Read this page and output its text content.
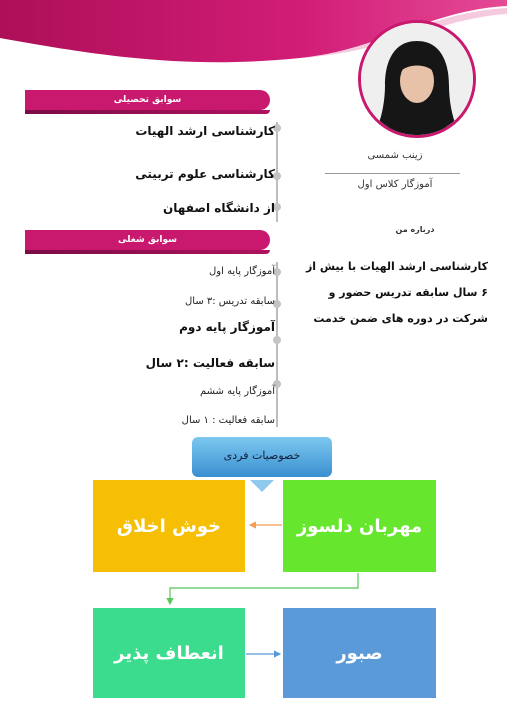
زینب شمسی
آموزگار کلاس اول
سوابق تحصیلی
کارشناسی ارشد الهیات
کارشناسی علوم تربیتی
از دانشگاه اصفهان
سوابق شغلی
آموزگار پایه اول
سابقه تدریس :۳ سال
آموزگار پایه دوم
سابقه فعالیت :۲ سال
آموزگار پایه ششم
سابقه فعالیت : ۱ سال
درباره من
کارشناسی ارشد الهیات با بیش از ۶ سال سابقه تدریس حضور و شرکت در دوره های ضمن خدمت
خصوصیات فردی
مهربان دلسوز
خوش اخلاق
صبور
انعطاف پذیر
